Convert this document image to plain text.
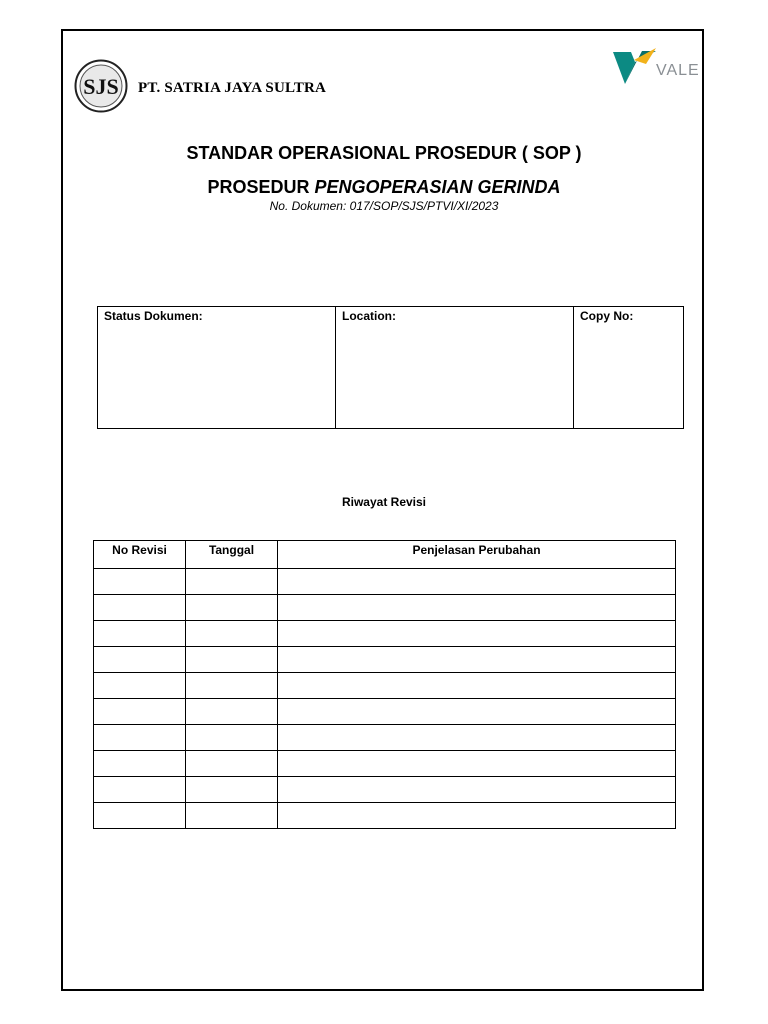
SJS PT. SATRIA JAYA SULTRA
VALE
STANDAR OPERASIONAL PROSEDUR ( SOP )
PROSEDUR PENGOPERASIAN GERINDA
No. Dokumen: 017/SOP/SJS/PTVI/XI/2023
Status Dokumen:	Location:	Copy No:
Riwayat Revisi
No Revisi	Tanggal	Penjelasan Perubahan
